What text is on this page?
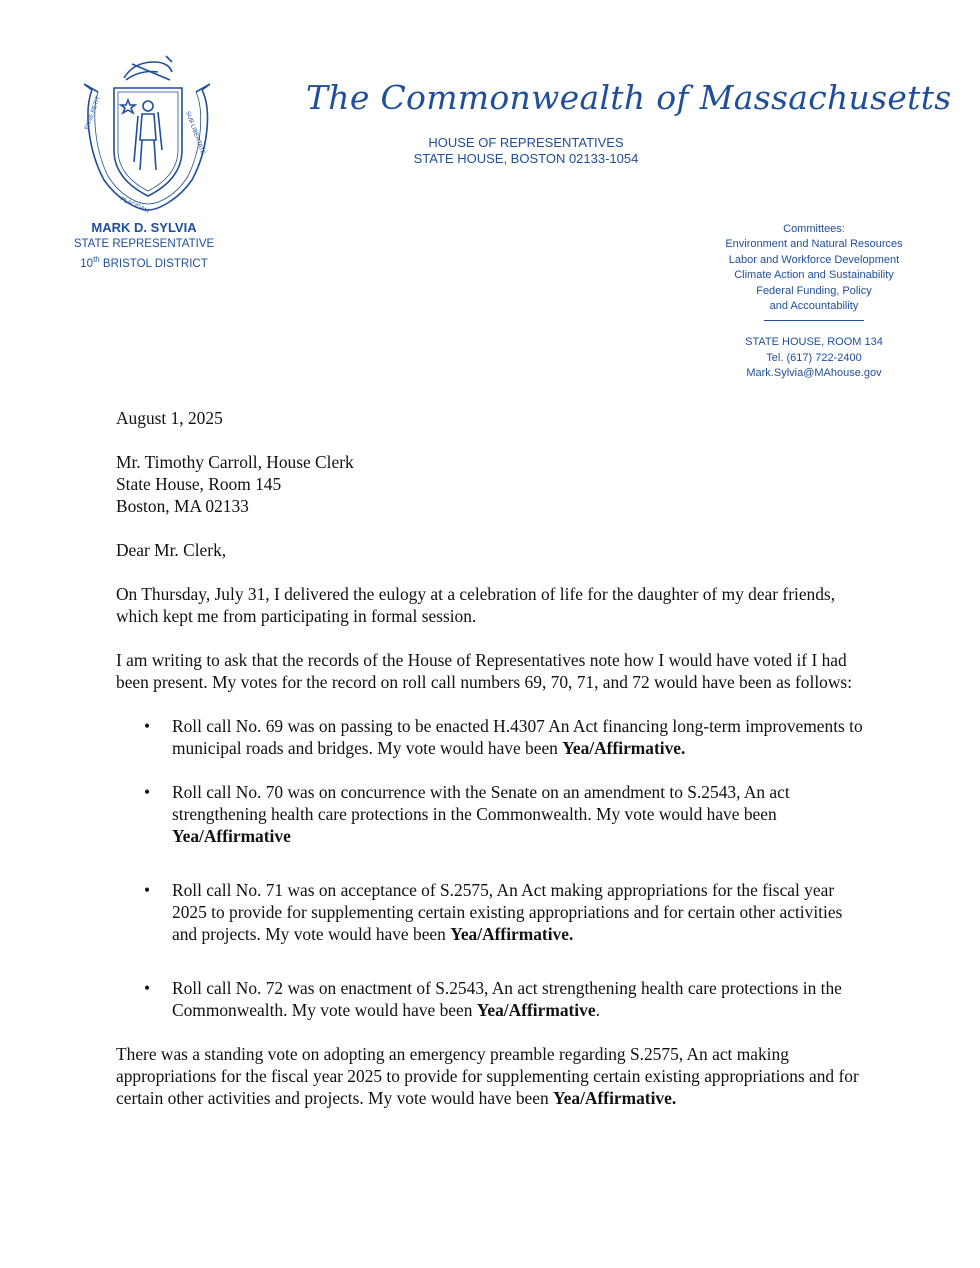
ENSE PETIT	SUB LIBERTATE
PLACIDAM
The Commonwealth of Massachusetts
HOUSE OF REPRESENTATIVES
STATE HOUSE, BOSTON 02133-1054
MARK D. SYLVIA
STATE REPRESENTATIVE
10th BRISTOL DISTRICT
Committees:
Environment and Natural Resources
Labor and Workforce Development
Climate Action and Sustainability
Federal Funding, Policy
and Accountability
STATE HOUSE, ROOM 134
Tel. (617) 722-2400
Mark.Sylvia@MAhouse.gov

August 1, 2025

Mr. Timothy Carroll, House Clerk

State House, Room 145

Boston, MA 02133

Dear Mr. Clerk,

On Thursday, July 31, I delivered the eulogy at a celebration of life for the daughter of my dear friends, which kept me from participating in formal session.

I am writing to ask that the records of the House of Representatives note how I would have voted if I had been present. My votes for the record on roll call numbers 69, 70, 71, and 72 would have been as follows:

• Roll call No. 69 was on passing to be enacted H.4307 An Act financing long-term improvements to municipal roads and bridges. My vote would have been Yea/Affirmative.
• Roll call No. 70 was on concurrence with the Senate on an amendment to S.2543, An act strengthening health care protections in the Commonwealth. My vote would have been Yea/Affirmative
• Roll call No. 71 was on acceptance of S.2575, An Act making appropriations for the fiscal year 2025 to provide for supplementing certain existing appropriations and for certain other activities and projects. My vote would have been Yea/Affirmative.
• Roll call No. 72 was on enactment of S.2543, An act strengthening health care protections in the Commonwealth. My vote would have been Yea/Affirmative.

There was a standing vote on adopting an emergency preamble regarding S.2575, An act making appropriations for the fiscal year 2025 to provide for supplementing certain existing appropriations and for certain other activities and projects. My vote would have been Yea/Affirmative.
